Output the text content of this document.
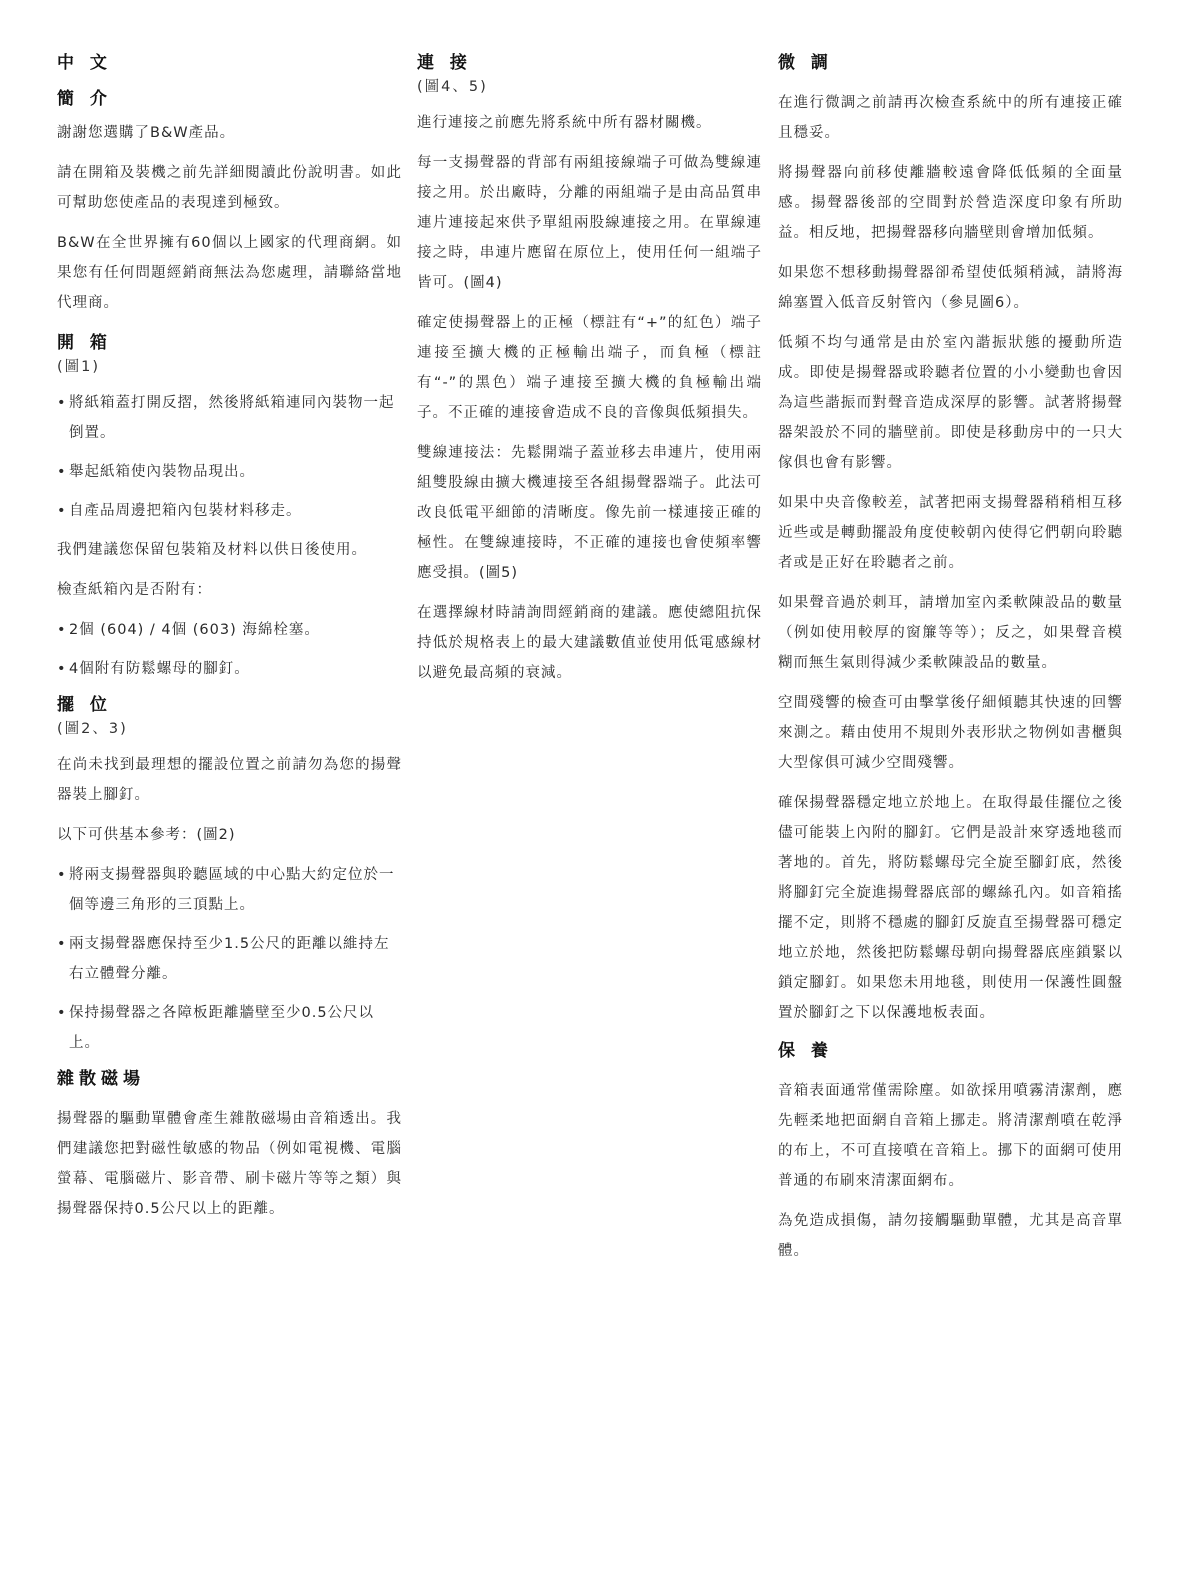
中 文
簡 介

謝謝您選購了B&W產品。

請在開箱及裝機之前先詳細閱讀此份說明書。如此可幫助您使產品的表現達到極致。

B&W在全世界擁有60個以上國家的代理商網。如果您有任何問題經銷商無法為您處理，請聯絡當地代理商。

開 箱
(圖1)
• 將紙箱蓋打開反摺，然後將紙箱連同內裝物一起倒置。
• 舉起紙箱使內裝物品現出。
• 自產品周邊把箱內包裝材料移走。

我們建議您保留包裝箱及材料以供日後使用。

檢查紙箱內是否附有：

• 2個 (604) / 4個 (603) 海綿栓塞。
• 4個附有防鬆螺母的腳釘。
擺 位
(圖2、3)

在尚未找到最理想的擺設位置之前請勿為您的揚聲器裝上腳釘。

以下可供基本參考：(圖2)

• 將兩支揚聲器與聆聽區域的中心點大約定位於一個等邊三角形的三頂點上。
• 兩支揚聲器應保持至少1.5公尺的距離以維持左右立體聲分離。
• 保持揚聲器之各障板距離牆壁至少0.5公尺以上。
雜散磁場

揚聲器的驅動單體會產生雜散磁場由音箱透出。我們建議您把對磁性敏感的物品（例如電視機、電腦螢幕、電腦磁片、影音帶、刷卡磁片等等之類）與揚聲器保持0.5公尺以上的距離。

連 接
(圖4、5)

進行連接之前應先將系統中所有器材關機。

每一支揚聲器的背部有兩組接線端子可做為雙線連接之用。於出廠時，分離的兩組端子是由高品質串連片連接起來供予單組兩股線連接之用。在單線連接之時，串連片應留在原位上，使用任何一組端子皆可。(圖4)

確定使揚聲器上的正極（標註有“+”的紅色）端子連接至擴大機的正極輸出端子，而負極（標註有“-”的黑色）端子連接至擴大機的負極輸出端子。不正確的連接會造成不良的音像與低頻損失。

雙線連接法：先鬆開端子蓋並移去串連片，使用兩組雙股線由擴大機連接至各組揚聲器端子。此法可改良低電平細節的清晰度。像先前一樣連接正確的極性。在雙線連接時，不正確的連接也會使頻率響應受損。(圖5)

在選擇線材時請詢問經銷商的建議。應使總阻抗保持低於規格表上的最大建議數值並使用低電感線材以避免最高頻的衰減。

微 調

在進行微調之前請再次檢查系統中的所有連接正確且穩妥。

將揚聲器向前移使離牆較遠會降低低頻的全面量感。揚聲器後部的空間對於營造深度印象有所助益。相反地，把揚聲器移向牆壁則會增加低頻。

如果您不想移動揚聲器卻希望使低頻稍減，請將海綿塞置入低音反射管內（參見圖6）。

低頻不均勻通常是由於室內諧振狀態的擾動所造成。即使是揚聲器或聆聽者位置的小小變動也會因為這些諧振而對聲音造成深厚的影響。試著將揚聲器架設於不同的牆壁前。即使是移動房中的一只大傢俱也會有影響。

如果中央音像較差，試著把兩支揚聲器稍稍相互移近些或是轉動擺設角度使較朝內使得它們朝向聆聽者或是正好在聆聽者之前。

如果聲音過於刺耳，請增加室內柔軟陳設品的數量（例如使用較厚的窗簾等等）；反之，如果聲音模糊而無生氣則得減少柔軟陳設品的數量。

空間殘響的檢查可由擊掌後仔細傾聽其快速的回響來測之。藉由使用不規則外表形狀之物例如書櫃與大型傢俱可減少空間殘響。

確保揚聲器穩定地立於地上。在取得最佳擺位之後儘可能裝上內附的腳釘。它們是設計來穿透地毯而著地的。首先，將防鬆螺母完全旋至腳釘底，然後將腳釘完全旋進揚聲器底部的螺絲孔內。如音箱搖擺不定，則將不穩處的腳釘反旋直至揚聲器可穩定地立於地，然後把防鬆螺母朝向揚聲器底座鎖緊以鎖定腳釘。如果您未用地毯，則使用一保護性圓盤置於腳釘之下以保護地板表面。

保 養

音箱表面通常僅需除塵。如欲採用噴霧清潔劑，應先輕柔地把面網自音箱上挪走。將清潔劑噴在乾淨的布上，不可直接噴在音箱上。挪下的面網可使用普通的布刷來清潔面網布。

為免造成損傷，請勿接觸驅動單體，尤其是高音單體。
